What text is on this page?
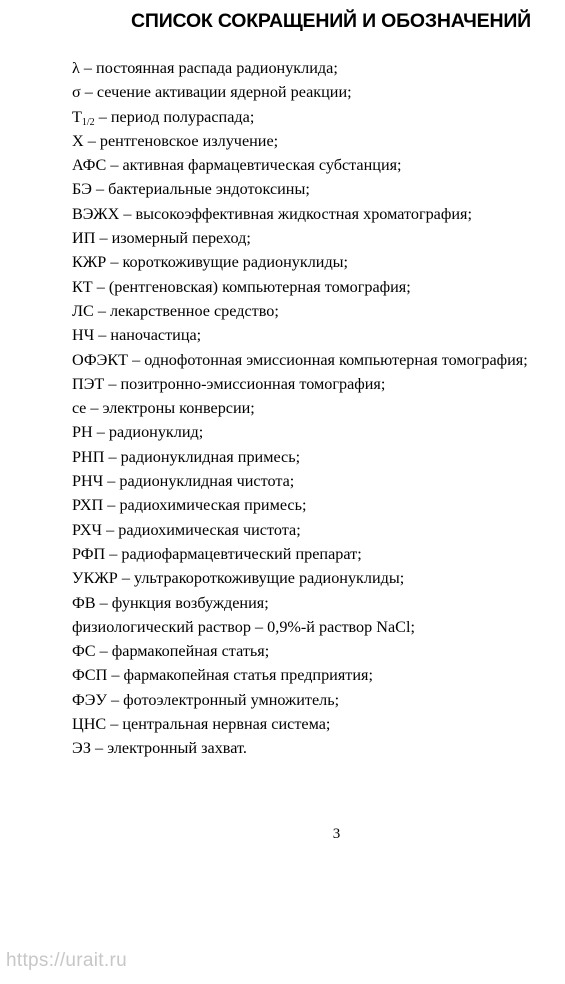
СПИСОК СОКРАЩЕНИЙ И ОБОЗНАЧЕНИЙ
λ – постоянная распада радионуклида;
σ – сечение активации ядерной реакции;
$T_{1/2}$ – период полураспада;
X – рентгеновское излучение;
АФС – активная фармацевтическая субстанция;
БЭ – бактериальные эндотоксины;
ВЭЖХ – высокоэффективная жидкостная хроматография;
ИП – изомерный переход;
КЖР – короткоживущие радионуклиды;
КТ – (рентгеновская) компьютерная томография;
ЛС – лекарственное средство;
НЧ – наночастица;
ОФЭКТ – однофотонная эмиссионная компьютерная томография;
ПЭТ – позитронно-эмиссионная томография;
ce – электроны конверсии;
РН – радионуклид;
РНП – радионуклидная примесь;
РНЧ – радионуклидная чистота;
РХП – радиохимическая примесь;
РХЧ – радиохимическая чистота;
РФП – радиофармацевтический препарат;
УКЖР – ультракороткоживущие радионуклиды;
ФВ – функция возбуждения;
физиологический раствор – 0,9%-й раствор NaCl;
ФС – фармакопейная статья;
ФСП – фармакопейная статья предприятия;
ФЭУ – фотоэлектронный умножитель;
ЦНС – центральная нервная система;
ЭЗ – электронный захват.
3
https://urait.ru
